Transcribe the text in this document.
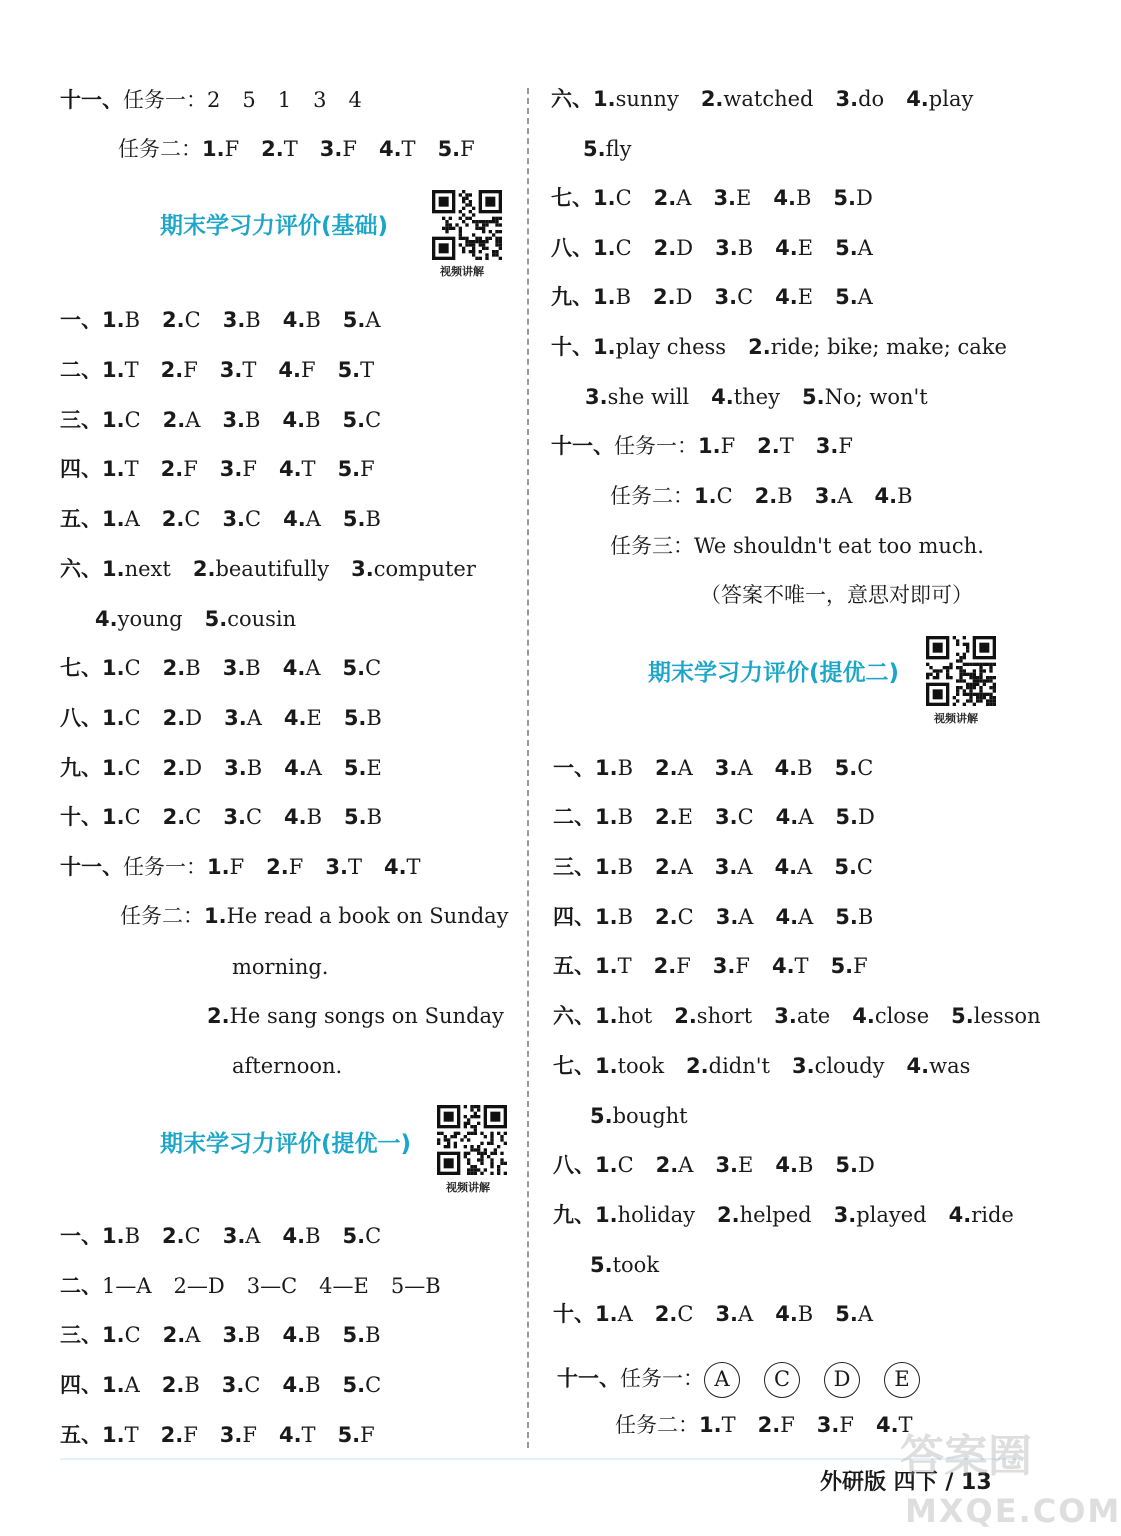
十一、任务一：2 5 1 3 4
任务二：1.F 2.T 3.F 4.T 5.F
一、1.B 2.C 3.B 4.B 5.A
二、1.T 2.F 3.T 4.F 5.T
三、1.C 2.A 3.B 4.B 5.C
四、1.T 2.F 3.F 4.T 5.F
五、1.A 2.C 3.C 4.A 5.B
六、1.next 2.beautifully 3.computer
4.young 5.cousin
七、1.C 2.B 3.B 4.A 5.C
八、1.C 2.D 3.A 4.E 5.B
九、1.C 2.D 3.B 4.A 5.E
十、1.C 2.C 3.C 4.B 5.B
十一、任务一：1.F 2.F 3.T 4.T
任务二：1.He read a book on Sunday
morning.
2.He sang songs on Sunday
afternoon.
一、1.B 2.C 3.A 4.B 5.C
二、1—A 2—D 3—C 4—E 5—B
三、1.C 2.A 3.B 4.B 5.B
四、1.A 2.B 3.C 4.B 5.C
五、1.T 2.F 3.F 4.T 5.F
六、1.sunny 2.watched 3.do 4.play
5.fly
七、1.C 2.A 3.E 4.B 5.D
八、1.C 2.D 3.B 4.E 5.A
九、1.B 2.D 3.C 4.E 5.A
十、1.play chess 2.ride; bike; make; cake
3.she will 4.they 5.No; won't
十一、任务一：1.F 2.T 3.F
任务二：1.C 2.B 3.A 4.B
任务三：We shouldn't eat too much.
（答案不唯一，意思对即可）
一、1.B 2.A 3.A 4.B 5.C
二、1.B 2.E 3.C 4.A 5.D
三、1.B 2.A 3.A 4.A 5.C
四、1.B 2.C 3.A 4.A 5.B
五、1.T 2.F 3.F 4.T 5.F
六、1.hot 2.short 3.ate 4.close 5.lesson
七、1.took 2.didn't 3.cloudy 4.was
5.bought
八、1.C 2.A 3.E 4.B 5.D
九、1.holiday 2.helped 3.played 4.ride
5.took
十、1.A 2.C 3.A 4.B 5.A
十一、任务一： A C D E
任务二：1.T 2.F 3.F 4.T
期末学习力评价(基础)
视频讲解
期末学习力评价(提优一)
视频讲解
期末学习力评价(提优二)
视频讲解
外研版 四下 / 13
答案圈
MXQE.COM
